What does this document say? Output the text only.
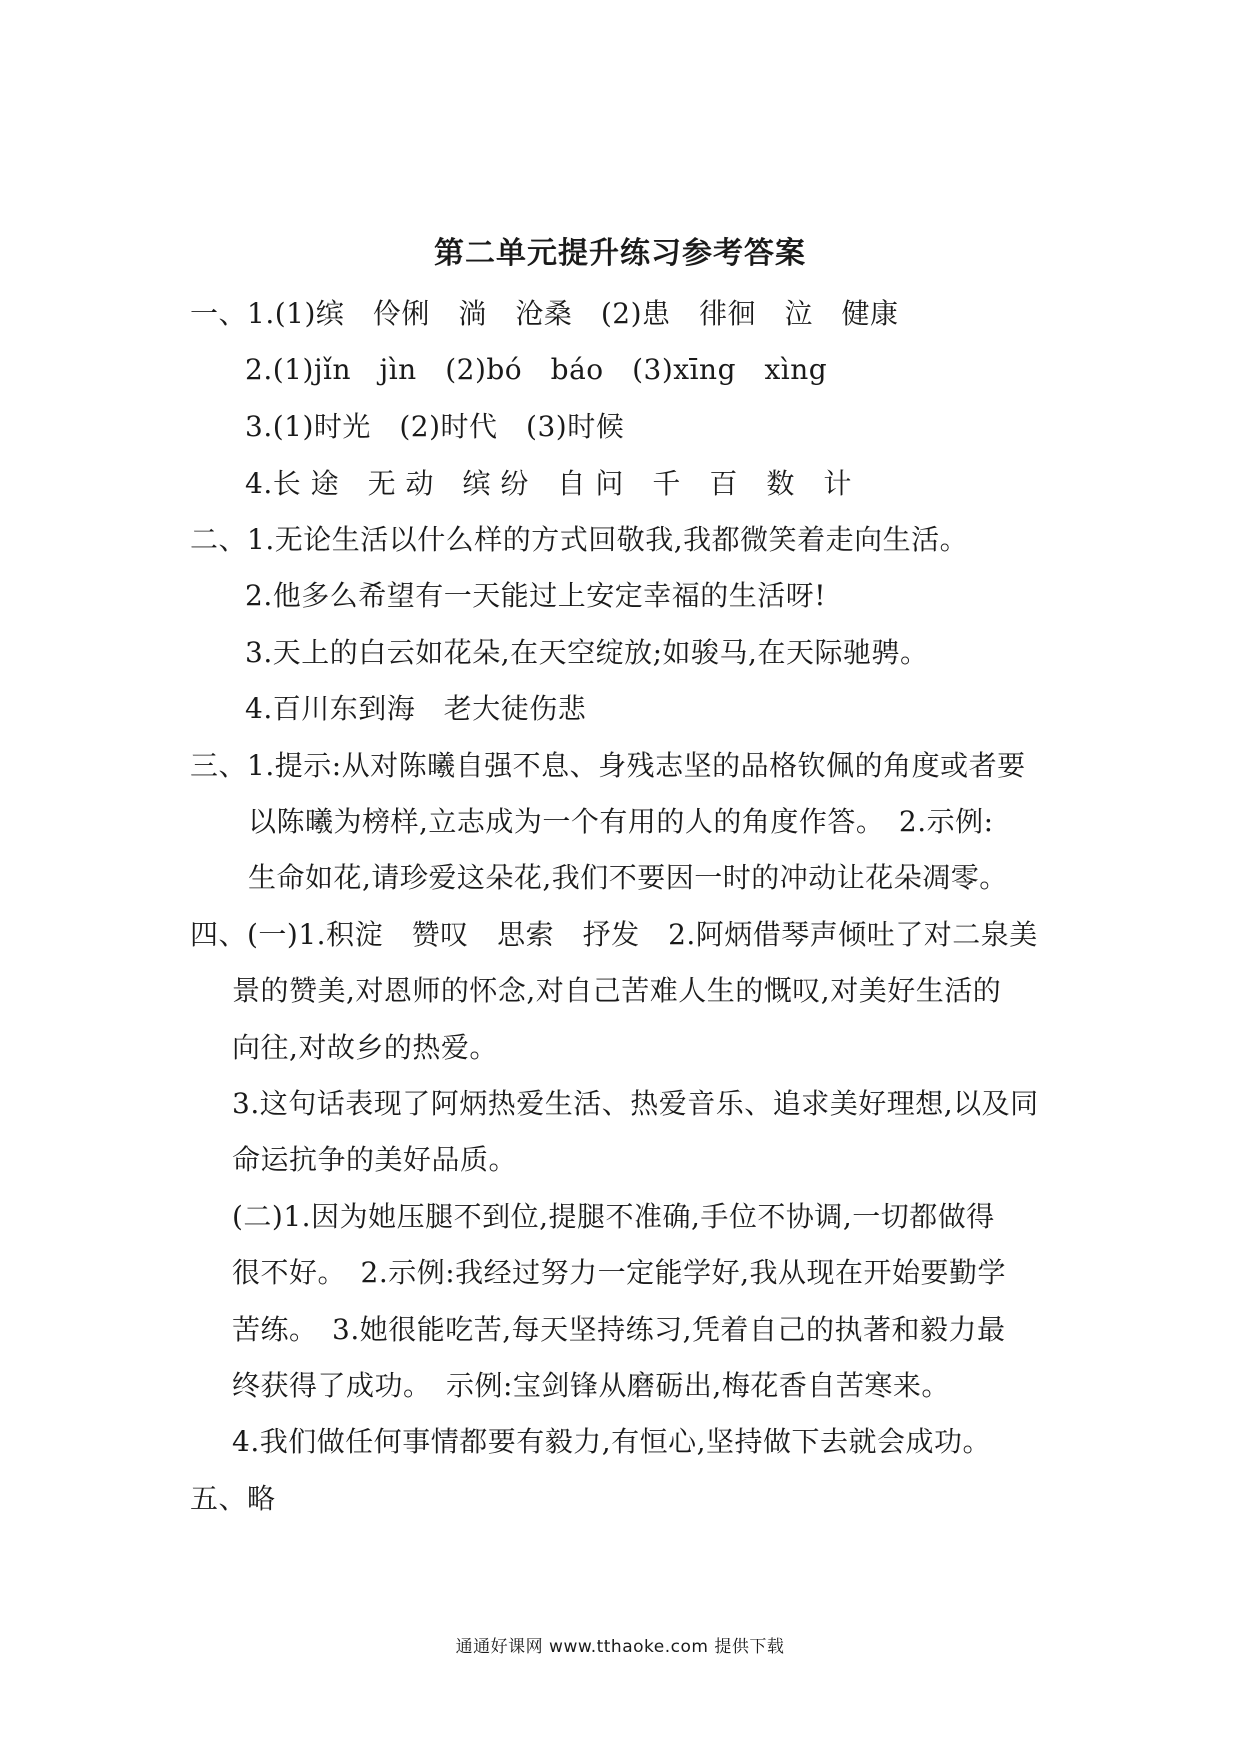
第二单元提升练习参考答案
一、1.(1)缤　伶俐　淌　沧桑　(2)患　徘徊　泣　健康
2.(1)jǐn　jìn　(2)bó　báo　(3)xīng　xìng
3.(1)时光　(2)时代　(3)时候
4.长 途　无 动　缤 纷　自 问　千　百　数　计
二、1.无论生活以什么样的方式回敬我,我都微笑着走向生活。
2.他多么希望有一天能过上安定幸福的生活呀!
3.天上的白云如花朵,在天空绽放;如骏马,在天际驰骋。
4.百川东到海　老大徒伤悲
三、1.提示:从对陈曦自强不息、身残志坚的品格钦佩的角度或者要
以陈曦为榜样,立志成为一个有用的人的角度作答。　2.示例:
生命如花,请珍爱这朵花,我们不要因一时的冲动让花朵凋零。
四、(一)1.积淀　赞叹　思索　抒发　2.阿炳借琴声倾吐了对二泉美
景的赞美,对恩师的怀念,对自己苦难人生的慨叹,对美好生活的
向往,对故乡的热爱。
3.这句话表现了阿炳热爱生活、热爱音乐、追求美好理想,以及同
命运抗争的美好品质。
(二)1.因为她压腿不到位,提腿不准确,手位不协调,一切都做得
很不好。　2.示例:我经过努力一定能学好,我从现在开始要勤学
苦练。　3.她很能吃苦,每天坚持练习,凭着自己的执著和毅力最
终获得了成功。　示例:宝剑锋从磨砺出,梅花香自苦寒来。
4.我们做任何事情都要有毅力,有恒心,坚持做下去就会成功。
五、略
通通好课网 www.tthaoke.com 提供下载
